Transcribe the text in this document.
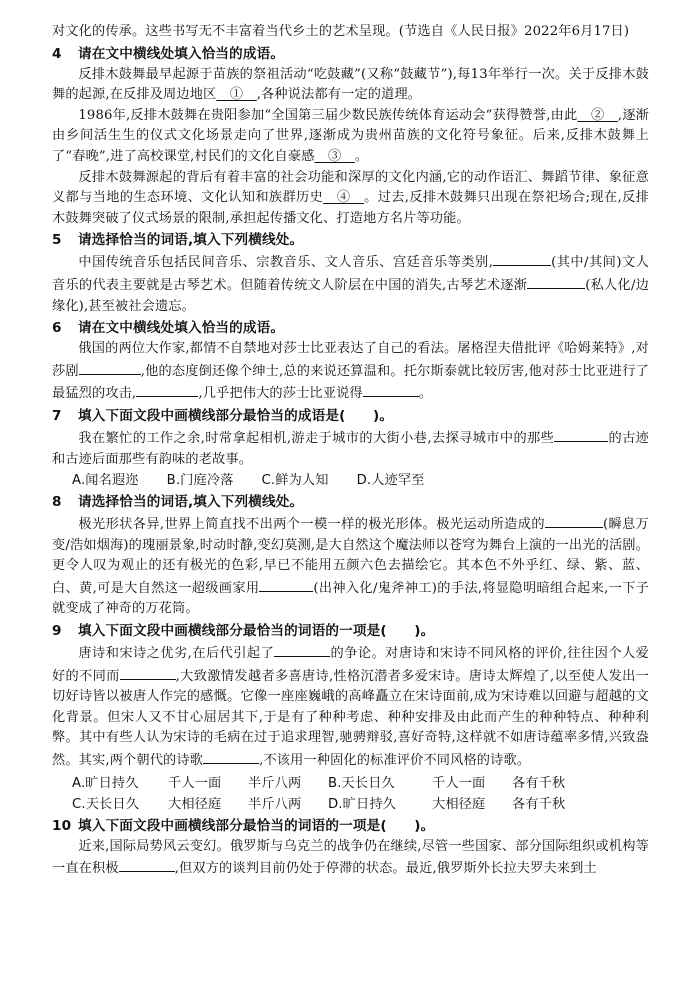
对文化的传承。这些书写无不丰富着当代乡土的艺术呈现。(节选自《人民日报》2022年6月17日)

4 请在文中横线处填入恰当的成语。

反排木鼓舞最早起源于苗族的祭祖活动“吃鼓藏”(又称“鼓藏节”),每13年举行一次。关于反排木鼓舞的起源,在反排及周边地区   ①   ,各种说法都有一定的道理。

1986年,反排木鼓舞在贵阳参加“全国第三届少数民族传统体育运动会”获得赞誉,由此   ②   ,逐渐由乡间活生生的仪式文化场景走向了世界,逐渐成为贵州苗族的文化符号象征。后来,反排木鼓舞上了“春晚”,进了高校课堂,村民们的文化自豪感   ③   。

反排木鼓舞源起的背后有着丰富的社会功能和深厚的文化内涵,它的动作语汇、舞蹈节律、象征意义都与当地的生态环境、文化认知和族群历史   ④   。过去,反排木鼓舞只出现在祭祀场合;现在,反排木鼓舞突破了仪式场景的限制,承担起传播文化、打造地方名片等功能。

5 请选择恰当的词语,填入下列横线处。

中国传统音乐包括民间音乐、宗教音乐、文人音乐、宫廷音乐等类别,	(其中/其间)文人音乐的代表主要就是古琴艺术。但随着传统文人阶层在中国的消失,古琴艺术逐渐	(私人化/边缘化),甚至被社会遗忘。

6 请在文中横线处填入恰当的成语。

俄国的两位大作家,都情不自禁地对莎士比亚表达了自己的看法。屠格涅夫借批评《哈姆莱特》,对莎剧	,他的态度倒还像个绅士,总的来说还算温和。托尔斯泰就比较厉害,他对莎士比亚进行了最猛烈的攻击,	,几乎把伟大的莎士比亚说得	。

7 填入下面文段中画横线部分最恰当的成语是(　　)。

我在繁忙的工作之余,时常拿起相机,游走于城市的大街小巷,去探寻城市中的那些	的古迹和古迹后面那些有韵味的老故事。

A.闻名遐迩 B.门庭冷落 C.鲜为人知 D.人迹罕至

8 请选择恰当的词语,填入下列横线处。

极光形状各异,世界上简直找不出两个一模一样的极光形体。极光运动所造成的	(瞬息万变/浩如烟海)的瑰丽景象,时动时静,变幻莫测,是大自然这个魔法师以苍穹为舞台上演的一出光的活剧。更令人叹为观止的还有极光的色彩,早已不能用五颜六色去描绘它。其本色不外乎红、绿、紫、蓝、白、黄,可是大自然这一超级画家用	(出神入化/鬼斧神工)的手法,将显隐明暗组合起来,一下子就变成了神奇的万花筒。

9 填入下面文段中画横线部分最恰当的词语的一项是(　　)。

唐诗和宋诗之优劣,在后代引起了	的争论。对唐诗和宋诗不同风格的评价,往往因个人爱好的不同而	,大致激情发越者多喜唐诗,性格沉潜者多爱宋诗。唐诗太辉煌了,以至使人发出一切好诗皆以被唐人作完的感慨。它像一座座巍峨的高峰矗立在宋诗面前,成为宋诗难以回避与超越的文化背景。但宋人又不甘心屈居其下,于是有了种种考虑、种种安排及由此而产生的种种特点、种种利弊。其中有些人认为宋诗的毛病在过于追求理智,驰骋辩驳,喜好奇特,这样就不如唐诗蕴率多情,兴致盎然。其实,两个朝代的诗歌	,不该用一种固化的标准评价不同风格的诗歌。

A.旷日持久	千人一面	半斤八两	B.天长日久	千人一面	各有千秋
C.天长日久	大相径庭	半斤八两	D.旷日持久	大相径庭	各有千秋

10 填入下面文段中画横线部分最恰当的词语的一项是(　　)。

近来,国际局势风云变幻。俄罗斯与乌克兰的战争仍在继续,尽管一些国家、部分国际组织或机构等一直在积极	,但双方的谈判目前仍处于停滞的状态。最近,俄罗斯外长拉夫罗夫来到土
